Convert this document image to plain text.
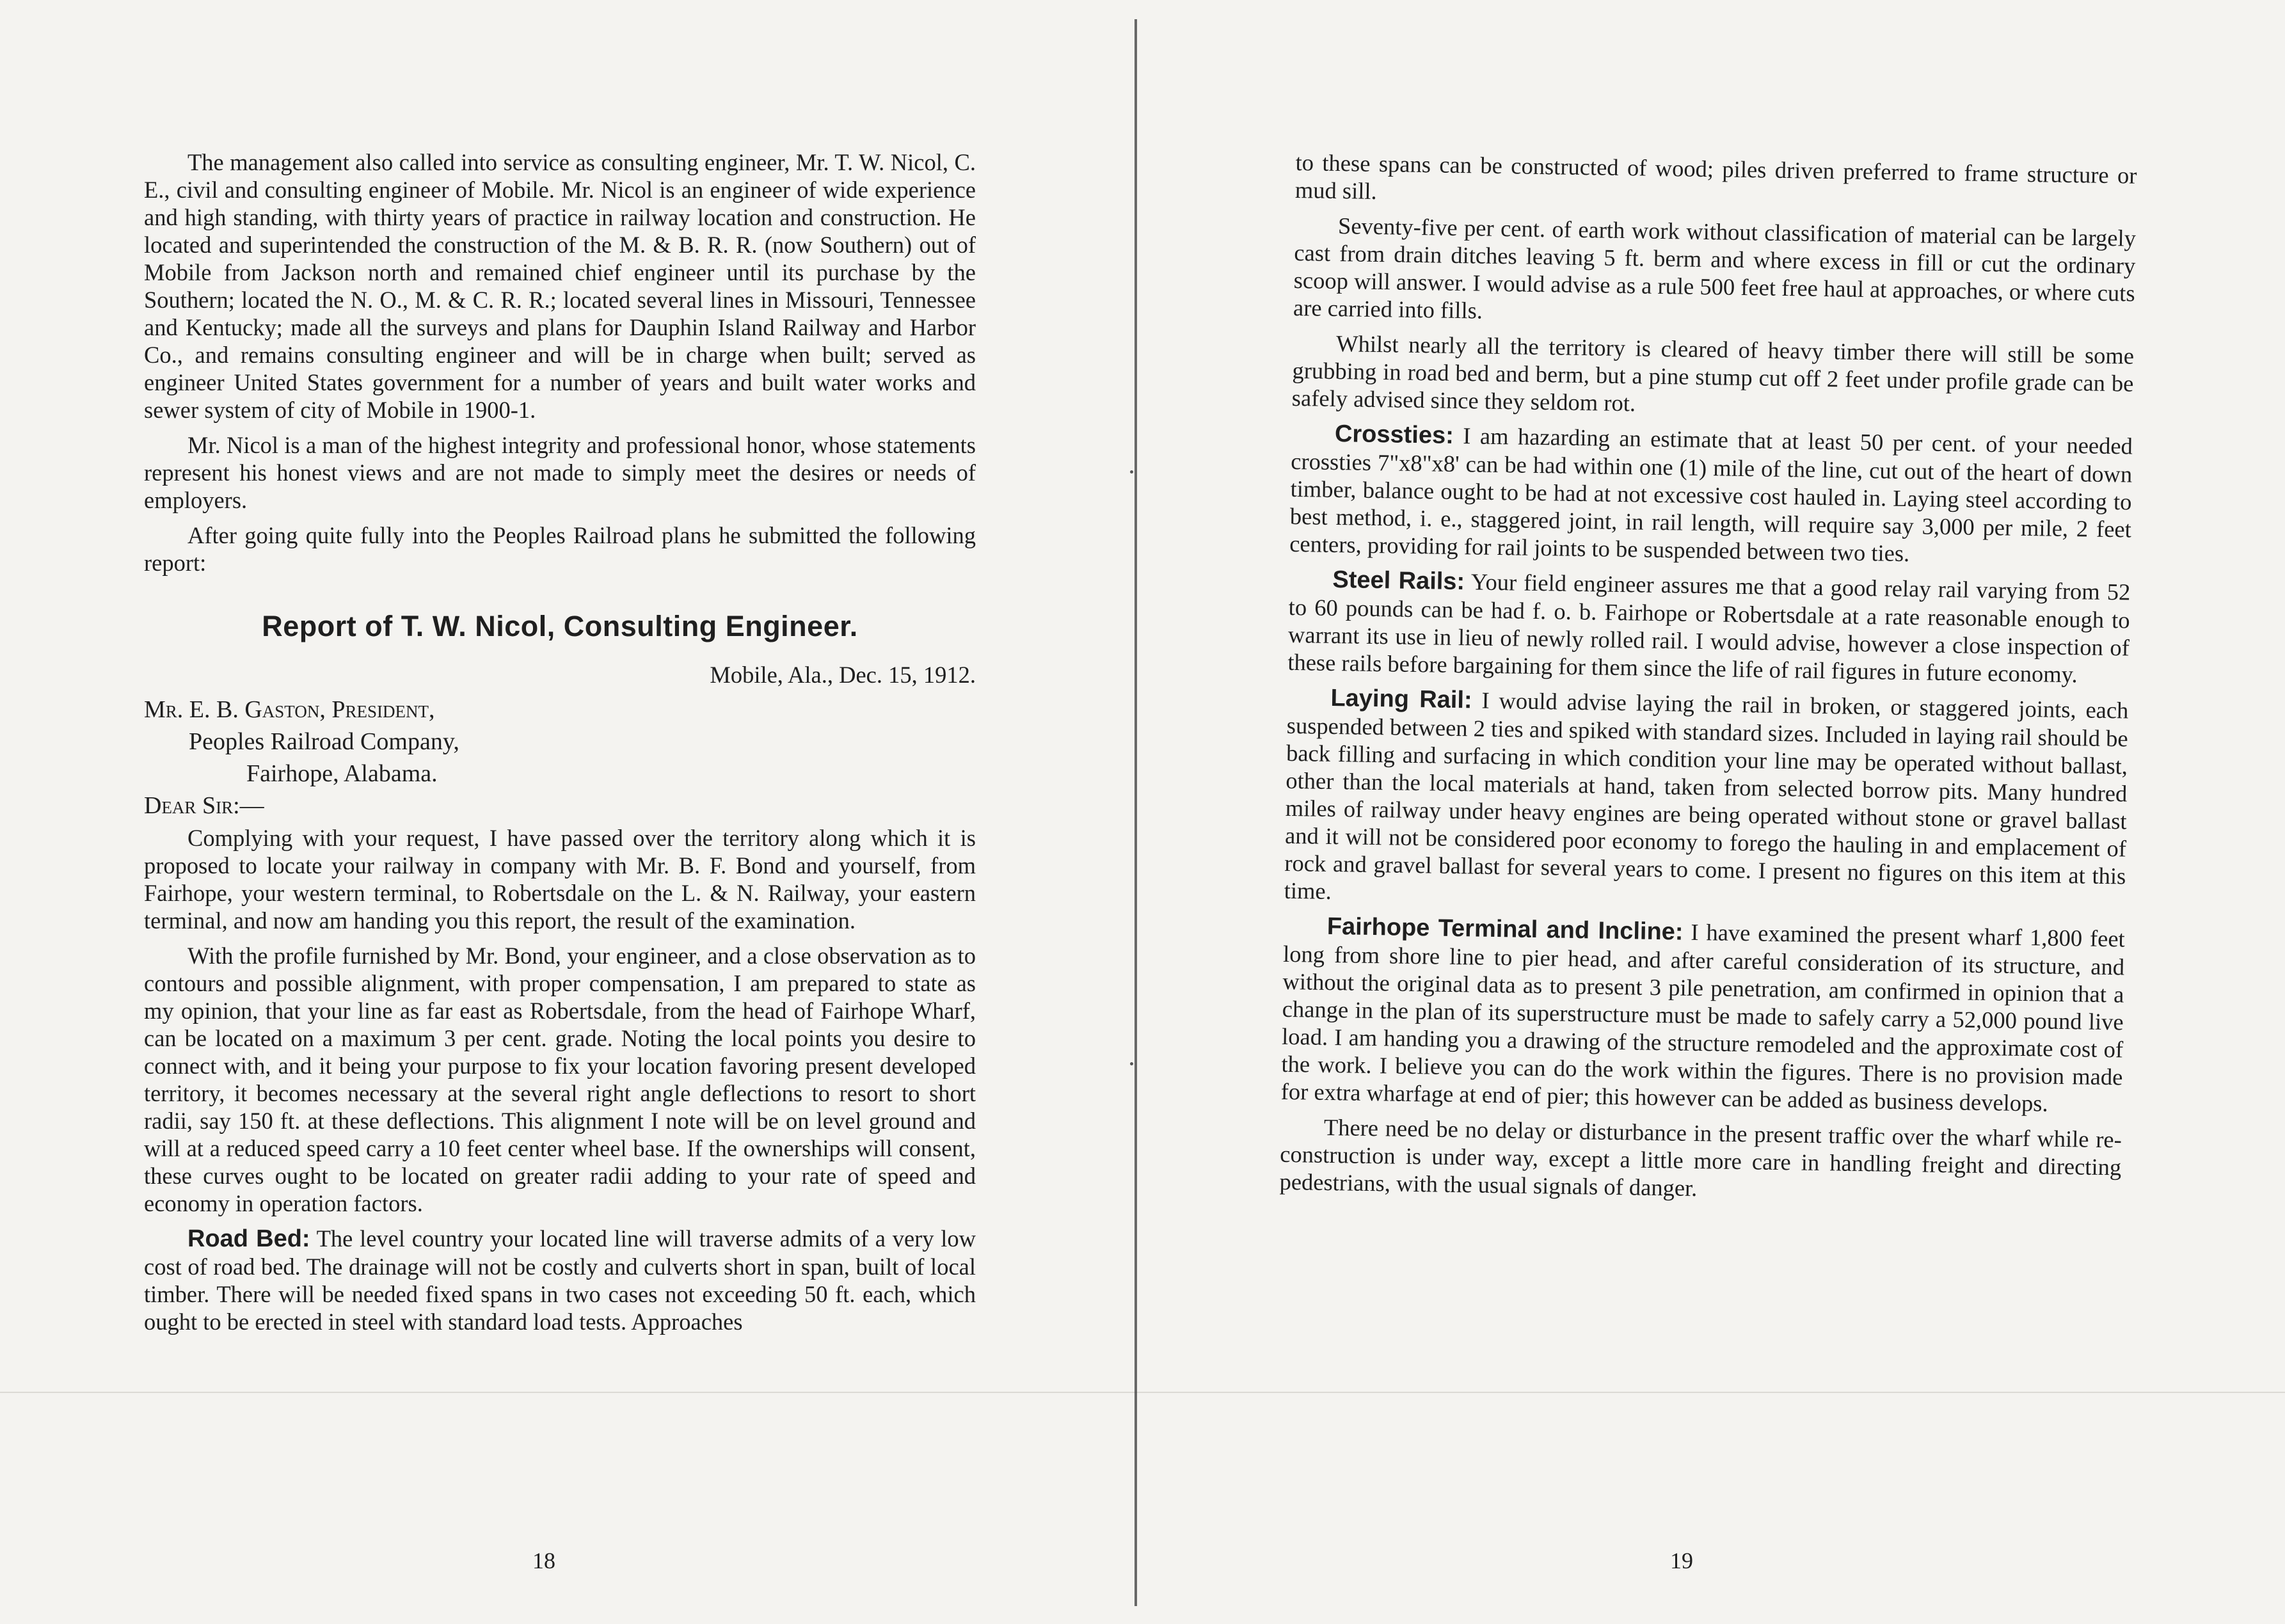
The management also called into service as consulting engineer, Mr. T. W. Nicol, C. E., civil and consulting engineer of Mobile. Mr. Nicol is an engineer of wide experience and high standing, with thirty years of practice in railway location and construction. He located and superintended the construction of the M. & B. R. R. (now Southern) out of Mobile from Jackson north and remained chief engineer until its purchase by the Southern; located the N. O., M. & C. R. R.; located several lines in Missouri, Tennessee and Kentucky; made all the surveys and plans for Dauphin Island Railway and Harbor Co., and remains consulting engineer and will be in charge when built; served as engineer United States government for a number of years and built water works and sewer system of city of Mobile in 1900-1.

Mr. Nicol is a man of the highest integrity and professional honor, whose statements represent his honest views and are not made to simply meet the desires or needs of employers.

After going quite fully into the Peoples Railroad plans he submitted the following report:

Report of T. W. Nicol, Consulting Engineer.
Mobile, Ala., Dec. 15, 1912.
Mr. E. B. Gaston, President,
Peoples Railroad Company,
Fairhope, Alabama.
Dear Sir:—

Complying with your request, I have passed over the territory along which it is proposed to locate your railway in company with Mr. B. F. Bond and yourself, from Fairhope, your western terminal, to Robertsdale on the L. & N. Railway, your eastern terminal, and now am handing you this report, the result of the examination.

With the profile furnished by Mr. Bond, your engineer, and a close observation as to contours and possible alignment, with proper compensation, I am prepared to state as my opinion, that your line as far east as Robertsdale, from the head of Fairhope Wharf, can be located on a maximum 3 per cent. grade. Noting the local points you desire to connect with, and it being your purpose to fix your location favoring present developed territory, it becomes necessary at the several right angle deflections to resort to short radii, say 150 ft. at these deflections. This alignment I note will be on level ground and will at a reduced speed carry a 10 feet center wheel base. If the ownerships will consent, these curves ought to be located on greater radii adding to your rate of speed and economy in operation factors.

Road Bed: The level country your located line will traverse admits of a very low cost of road bed. The drainage will not be costly and culverts short in span, built of local timber. There will be needed fixed spans in two cases not exceeding 50 ft. each, which ought to be erected in steel with standard load tests. Approaches

18

to these spans can be constructed of wood; piles driven preferred to frame structure or mud sill.

Seventy-five per cent. of earth work without classification of material can be largely cast from drain ditches leaving 5 ft. berm and where excess in fill or cut the ordinary scoop will answer. I would advise as a rule 500 feet free haul at approaches, or where cuts are carried into fills.

Whilst nearly all the territory is cleared of heavy timber there will still be some grubbing in road bed and berm, but a pine stump cut off 2 feet under profile grade can be safely advised since they seldom rot.

Crossties: I am hazarding an estimate that at least 50 per cent. of your needed crossties 7"x8"x8' can be had within one (1) mile of the line, cut out of the heart of down timber, balance ought to be had at not excessive cost hauled in. Laying steel according to best method, i. e., staggered joint, in rail length, will require say 3,000 per mile, 2 feet centers, providing for rail joints to be suspended between two ties.

Steel Rails: Your field engineer assures me that a good relay rail varying from 52 to 60 pounds can be had f. o. b. Fairhope or Robertsdale at a rate reasonable enough to warrant its use in lieu of newly rolled rail. I would advise, however a close inspection of these rails before bargaining for them since the life of rail figures in future economy.

Laying Rail: I would advise laying the rail in broken, or staggered joints, each suspended between 2 ties and spiked with standard sizes. Included in laying rail should be back filling and surfacing in which condition your line may be operated without ballast, other than the local materials at hand, taken from selected borrow pits. Many hundred miles of railway under heavy engines are being operated without stone or gravel ballast and it will not be considered poor economy to forego the hauling in and emplacement of rock and gravel ballast for several years to come. I present no figures on this item at this time.

Fairhope Terminal and Incline: I have examined the present wharf 1,800 feet long from shore line to pier head, and after careful consideration of its structure, and without the original data as to present 3 pile penetration, am confirmed in opinion that a change in the plan of its superstructure must be made to safely carry a 52,000 pound live load. I am handing you a drawing of the structure remodeled and the approximate cost of the work. I believe you can do the work within the figures. There is no provision made for extra wharfage at end of pier; this however can be added as business develops.

There need be no delay or disturbance in the present traffic over the wharf while re-construction is under way, except a little more care in handling freight and directing pedestrians, with the usual signals of danger.

19
